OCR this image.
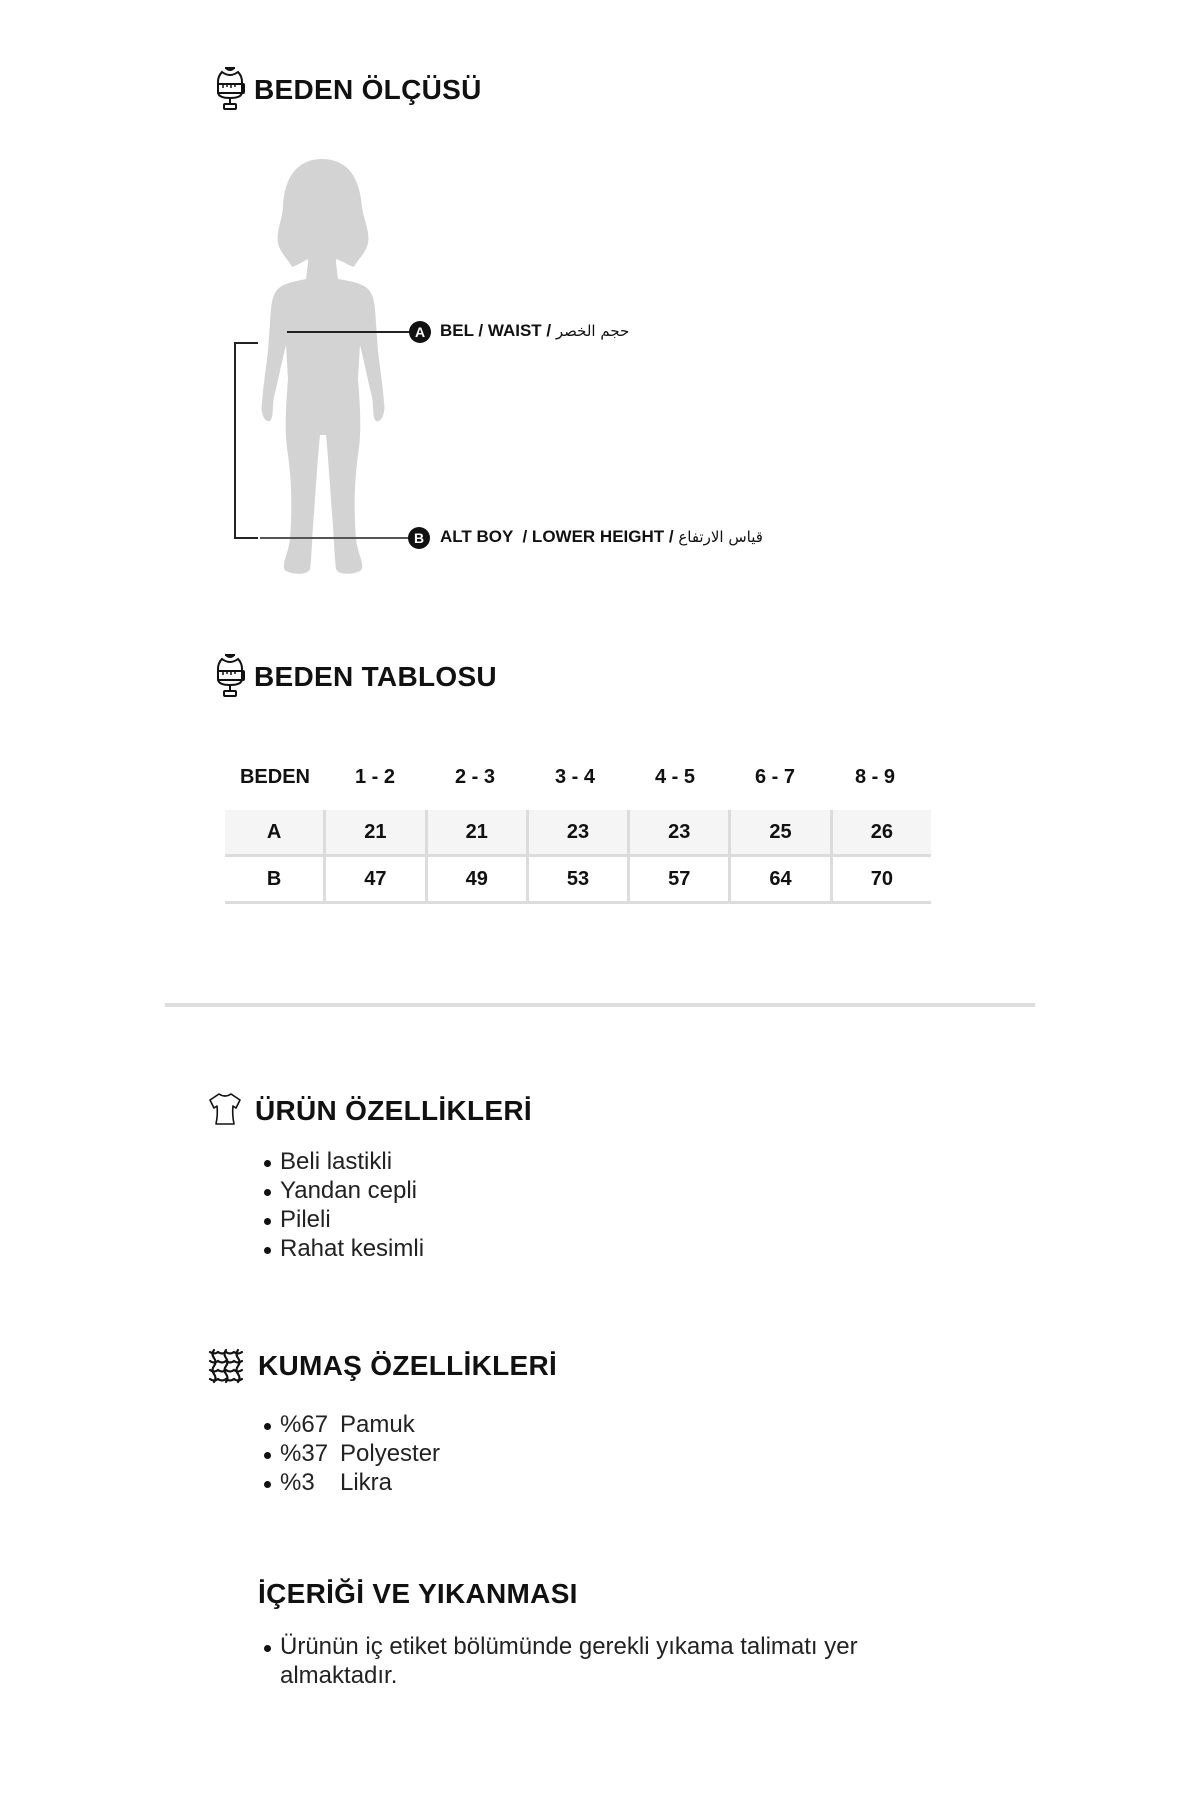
BEDEN ÖLÇÜSÜ
A BEL / WAIST / حجم الخصر
B ALT BOY  / LOWER HEIGHT / قياس الارتفاع
BEDEN TABLOSU
BEDEN	1 - 2	2 - 3	3 - 4	4 - 5	6 - 7	8 - 9
A	21	21	23	23	25	26
B	47	49	53	57	64	70
ÜRÜN ÖZELLİKLERİ
Beli lastikli
Yandan cepli
Pileli
Rahat kesimli
KUMAŞ ÖZELLİKLERİ
%67 Pamuk
%37 Polyester
%3	Likra
İÇERİĞİ VE YIKANMASI
Ürünün iç etiket bölümünde gerekli yıkama talimatı yer almaktadır.
